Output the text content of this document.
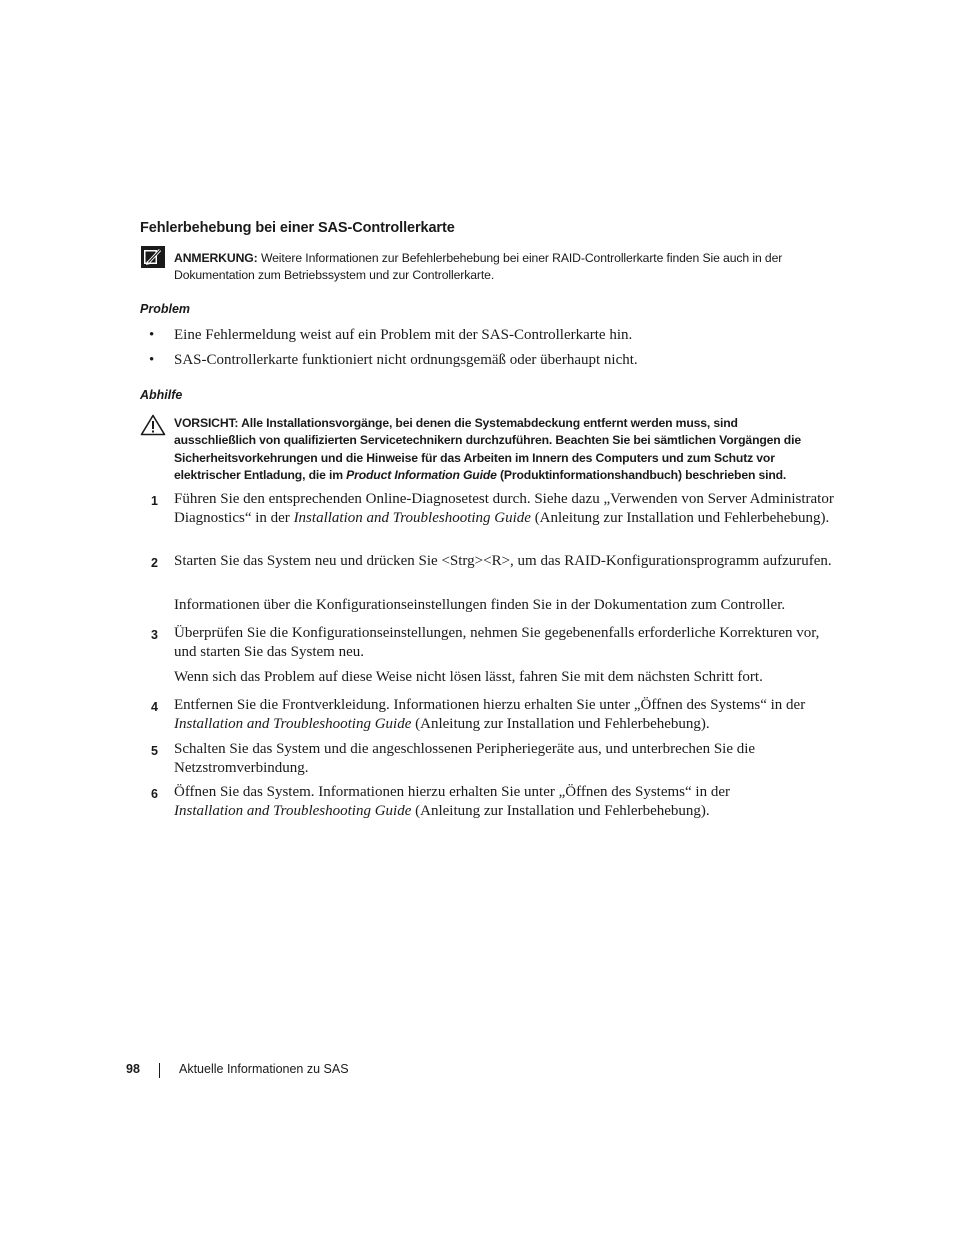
Fehlerbehebung bei einer SAS-Controllerkarte
ANMERKUNG: Weitere Informationen zur Befehlerbehebung bei einer RAID-Controllerkarte finden Sie auch in der Dokumentation zum Betriebssystem und zur Controllerkarte.
Problem
• Eine Fehlermeldung weist auf ein Problem mit der SAS-Controllerkarte hin.
• SAS-Controllerkarte funktioniert nicht ordnungsgemäß oder überhaupt nicht.
Abhilfe
VORSICHT: Alle Installationsvorgänge, bei denen die Systemabdeckung entfernt werden muss, sind ausschließlich von qualifizierten Servicetechnikern durchzuführen. Beachten Sie bei sämtlichen Vorgängen die Sicherheitsvorkehrungen und die Hinweise für das Arbeiten im Innern des Computers und zum Schutz vor elektrischer Entladung, die im Product Information Guide (Produktinformationshandbuch) beschrieben sind.
1 Führen Sie den entsprechenden Online-Diagnosetest durch. Siehe dazu „Verwenden von Server Administrator Diagnostics“ in der Installation and Troubleshooting Guide (Anleitung zur Installation und Fehlerbehebung).
2 Starten Sie das System neu und drücken Sie <Strg><R>, um das RAID-Konfigurationsprogramm aufzurufen.
Informationen über die Konfigurationseinstellungen finden Sie in der Dokumentation zum Controller.
3 Überprüfen Sie die Konfigurationseinstellungen, nehmen Sie gegebenenfalls erforderliche Korrekturen vor, und starten Sie das System neu.
Wenn sich das Problem auf diese Weise nicht lösen lässt, fahren Sie mit dem nächsten Schritt fort.
4 Entfernen Sie die Frontverkleidung. Informationen hierzu erhalten Sie unter „Öffnen des Systems“ in der Installation and Troubleshooting Guide (Anleitung zur Installation und Fehlerbehebung).
5 Schalten Sie das System und die angeschlossenen Peripheriegeräte aus, und unterbrechen Sie die Netzstromverbindung.
6 Öffnen Sie das System. Informationen hierzu erhalten Sie unter „Öffnen des Systems“ in der
Installation and Troubleshooting Guide (Anleitung zur Installation und Fehlerbehebung).
98	Aktuelle Informationen zu SAS
